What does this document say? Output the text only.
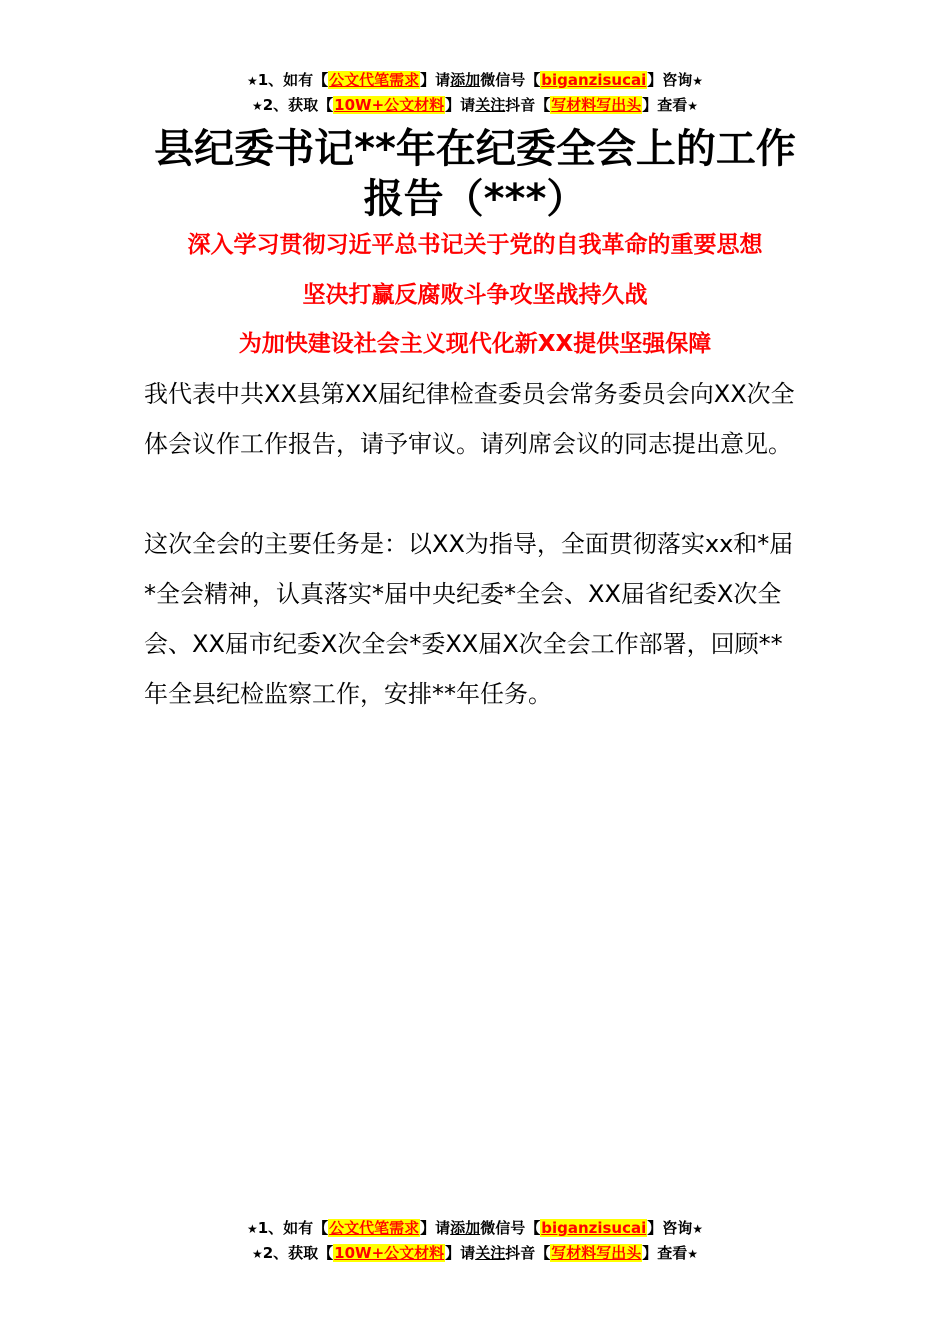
★1、如有【公文代笔需求】请添加微信号【biganzisucai】咨询★
★2、获取【10W+公文材料】请关注抖音【写材料写出头】查看★
县纪委书记**年在纪委全会上的工作报告（***）
深入学习贯彻习近平总书记关于党的自我革命的重要思想
坚决打赢反腐败斗争攻坚战持久战
为加快建设社会主义现代化新XX提供坚强保障
我代表中共XX县第XX届纪律检查委员会常务委员会向XX次全体会议作工作报告，请予审议。请列席会议的同志提出意见。
这次全会的主要任务是：以XX为指导，全面贯彻落实xx和*届*全会精神，认真落实*届中央纪委*全会、XX届省纪委X次全会、XX届市纪委X次全会*委XX届X次全会工作部署，回顾**年全县纪检监察工作，安排**年任务。
★1、如有【公文代笔需求】请添加微信号【biganzisucai】咨询★
★2、获取【10W+公文材料】请关注抖音【写材料写出头】查看★
